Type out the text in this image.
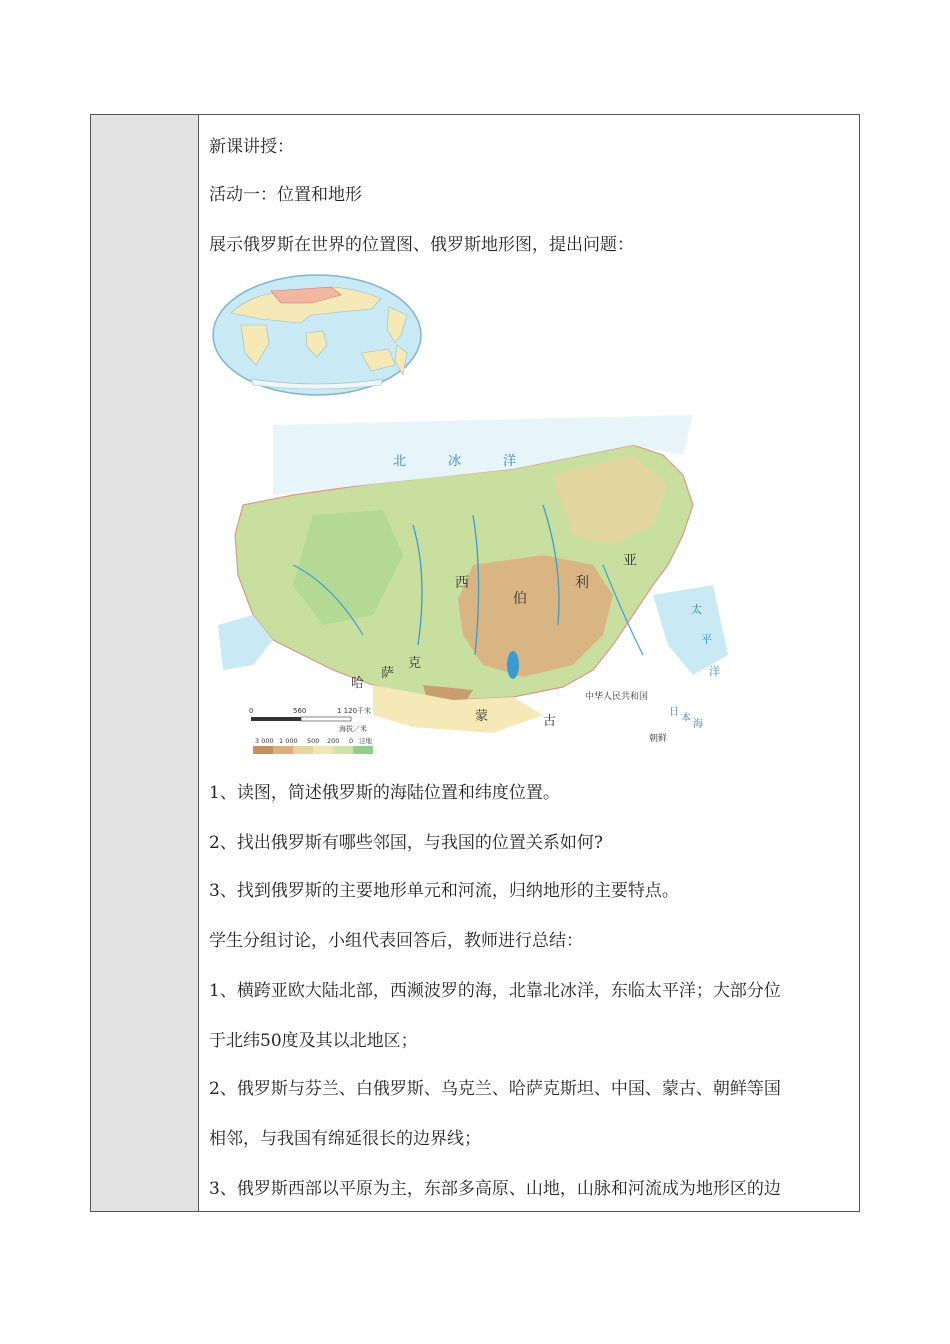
新课讲授：
活动一：位置和地形
展示俄罗斯在世界的位置图、俄罗斯地形图，提出问题：
北	冰	洋
太
平
洋
日
本
海
西
伯
利
亚
中华人民共和国
蒙	古
哈
萨
克
朝鲜
0	560	1 120千米
海拔／米
3 000 1 000 500 200 0 洼地
1、读图，简述俄罗斯的海陆位置和纬度位置。
2、找出俄罗斯有哪些邻国，与我国的位置关系如何?
3、找到俄罗斯的主要地形单元和河流，归纳地形的主要特点。
学生分组讨论，小组代表回答后，教师进行总结：
1、横跨亚欧大陆北部，西濒波罗的海，北靠北冰洋，东临太平洋；大部分位
于北纬50度及其以北地区；
2、俄罗斯与芬兰、白俄罗斯、乌克兰、哈萨克斯坦、中国、蒙古、朝鲜等国
相邻，与我国有绵延很长的边界线；
3、俄罗斯西部以平原为主，东部多高原、山地，山脉和河流成为地形区的边
